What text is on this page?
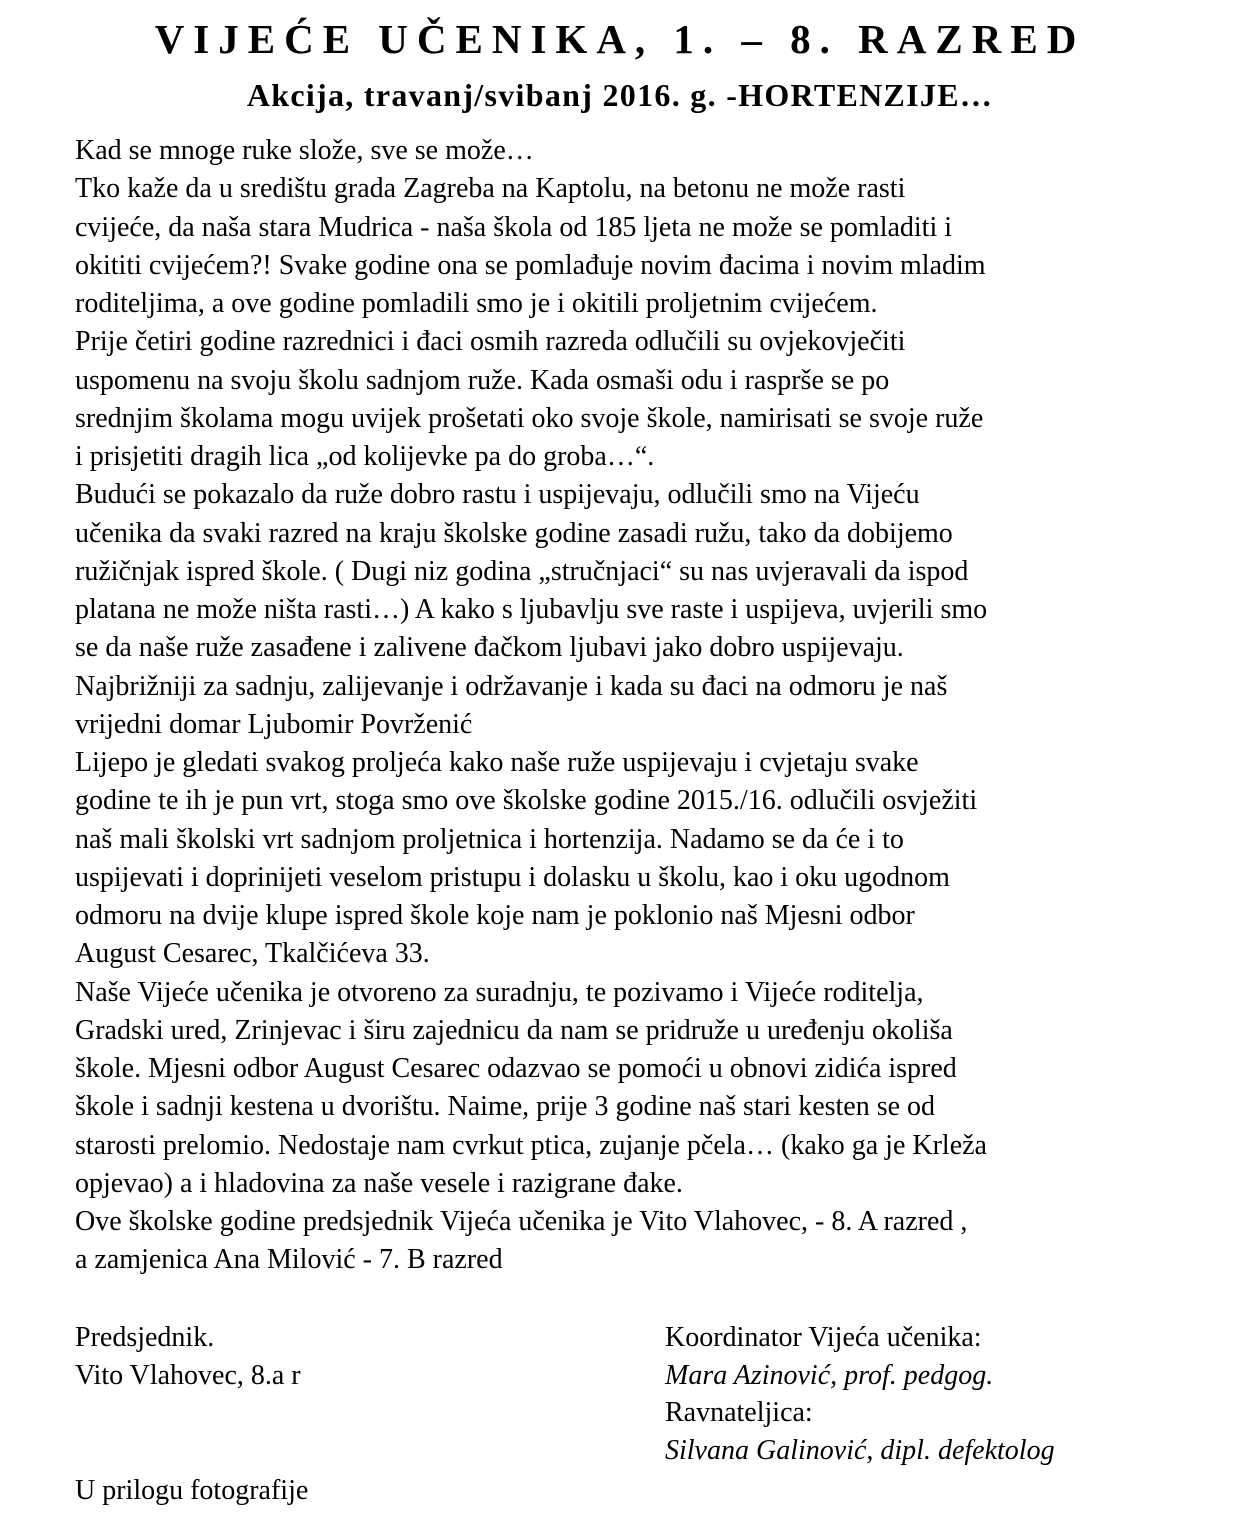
VIJEĆE UČENIKA, 1. – 8. RAZRED
Akcija, travanj/svibanj 2016. g. -HORTENZIJE…
Kad se mnoge ruke slože, sve se može…
Tko kaže da u središtu grada Zagreba na Kaptolu, na betonu ne može rasti
cvijeće, da naša stara Mudrica - naša škola od 185 ljeta ne može se pomladiti i
okititi cvijećem?! Svake godine ona se pomlađuje novim đacima i novim mladim
roditeljima, a ove godine pomladili smo je i okitili proljetnim cvijećem.
Prije četiri godine razrednici i đaci osmih razreda odlučili su ovjekovječiti
uspomenu na svoju školu sadnjom ruže. Kada osmaši odu i raspršе se po
srednjim školama mogu uvijek prošetati oko svoje škole, namirisati se svoje ruže
i prisjetiti dragih lica „od kolijevke pa do groba…“.
Budući se pokazalo da ruže dobro rastu i uspijevaju, odlučili smo na Vijeću
učenika da svaki razred na kraju školske godine zasadi ružu, tako da dobijemo
ružičnjak ispred škole. ( Dugi niz godina „stručnjaci“ su nas uvjeravali da ispod
platana ne može ništa rasti…) A kako s ljubavlju sve raste i uspijeva, uvjerili smo
se da naše ruže zasađene i zalivene đačkom ljubavi jako dobro uspijevaju.
Najbrižniji za sadnju, zalijevanje i održavanje i kada su đaci na odmoru je naš
vrijedni domar Ljubomir Povrženić
Lijepo je gledati svakog proljeća kako naše ruže uspijevaju i cvjetaju svake
godine te ih je pun vrt, stoga smo ove školske godine 2015./16. odlučili osvježiti
naš mali školski vrt sadnjom proljetnica i hortenzija. Nadamo se da će i to
uspijevati i doprinijeti veselom pristupu i dolasku u školu, kao i oku ugodnom
odmoru na dvije klupe ispred škole koje nam je poklonio naš Mjesni odbor
August Cesarec, Tkalčićeva 33.
Naše Vijeće učenika je otvoreno za suradnju, te pozivamo i Vijeće roditelja,
Gradski ured, Zrinjevac i širu zajednicu da nam se pridruže u uređenju okoliša
škole. Mjesni odbor August Cesarec odazvao se pomoći u obnovi zidića ispred
škole i sadnji kestena u dvorištu. Naime, prije 3 godine naš stari kesten se od
starosti prelomio. Nedostaje nam cvrkut ptica, zujanje pčela… (kako ga je Krleža
opjevao) a i hladovina za naše vesele i razigrane đake.
Ove školske godine predsjednik Vijeća učenika je Vito Vlahovec, - 8. A razred ,
a zamjenica Ana Milović - 7. B razred
Predsjednik.
Vito Vlahovec, 8.a r
Koordinator Vijeća učenika:
Mara Azinović, prof. pedgog.
Ravnateljica:
Silvana Galinović, dipl. defektolog
U prilogu fotografije
